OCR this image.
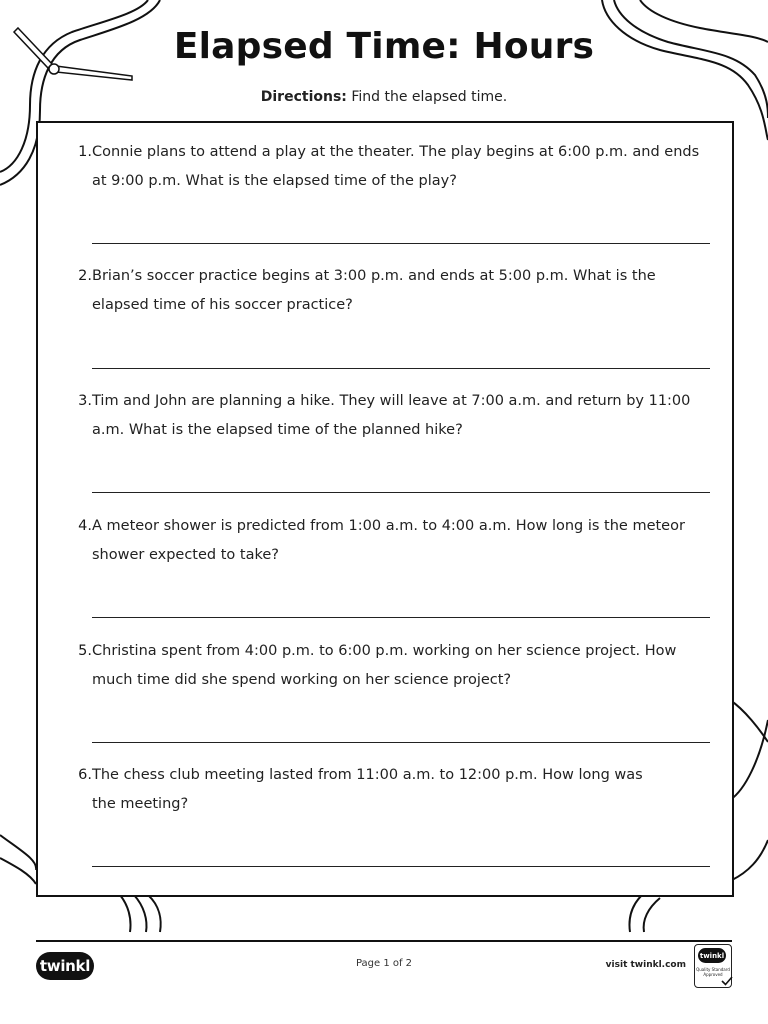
Elapsed Time: Hours
Directions: Find the elapsed time.
1. Connie plans to attend a play at the theater. The play begins at 6:00 p.m. and ends at 9:00 p.m. What is the elapsed time of the play?
2. Brian’s soccer practice begins at 3:00 p.m. and ends at 5:00 p.m. What is the elapsed time of his soccer practice?
3. Tim and John are planning a hike. They will leave at 7:00 a.m. and return by 11:00 a.m. What is the elapsed time of the planned hike?
4. A meteor shower is predicted from 1:00 a.m. to 4:00 a.m. How long is the meteor shower expected to take?
5. Christina spent from 4:00 p.m. to 6:00 p.m. working on her science project. How much time did she spend working on her science project?
6. The chess club meeting lasted from 11:00 a.m. to 12:00 p.m. How long was the meeting?
twinkl	Page 1 of 2	visit twinkl.com
twinkl
Quality Standard Approved
